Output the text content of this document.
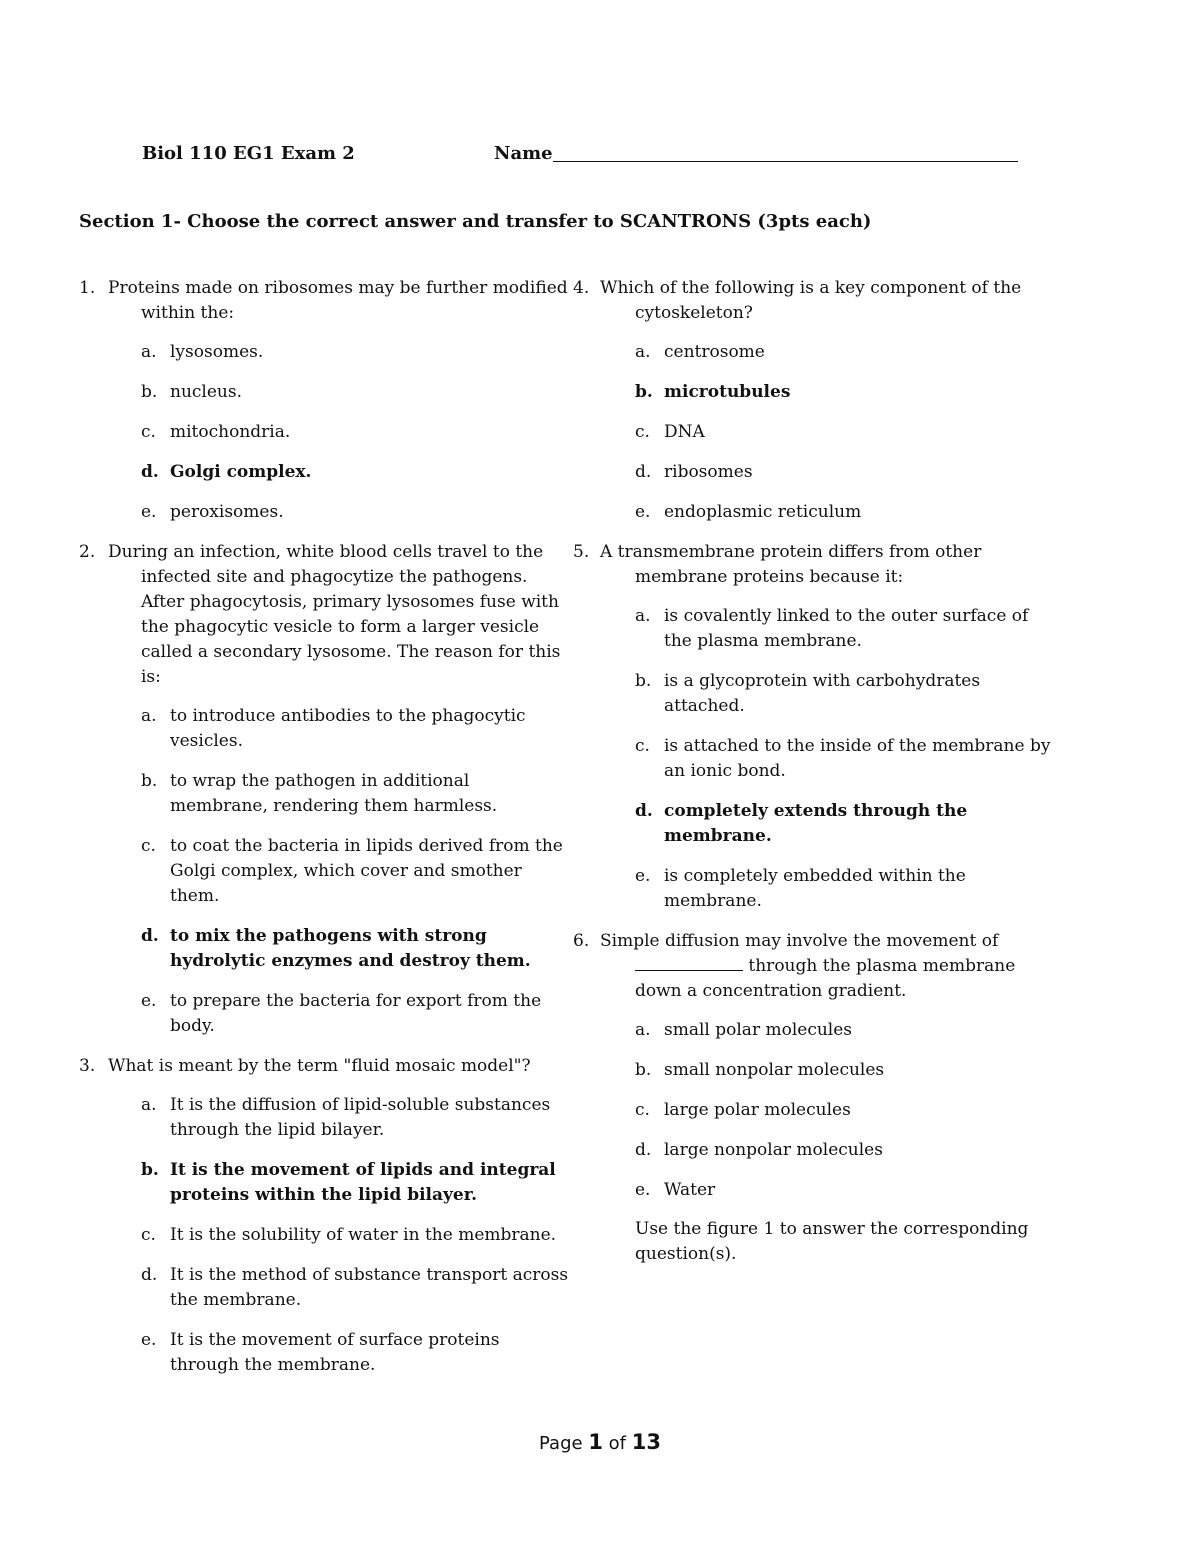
Biol 110 EG1 Exam 2	Name
Section 1- Choose the correct answer and transfer to SCANTRONS (3pts each)
1. Proteins made on ribosomes may be further modified within the:
a. lysosomes.
b. nucleus.
c. mitochondria.
d. Golgi complex.
e. peroxisomes.
2. During an infection, white blood cells travel to the infected site and phagocytize the pathogens. After phagocytosis, primary lysosomes fuse with the phagocytic vesicle to form a larger vesicle called a secondary lysosome. The reason for this is:
a. to introduce antibodies to the phagocytic vesicles.
b. to wrap the pathogen in additional membrane, rendering them harmless.
c. to coat the bacteria in lipids derived from the Golgi complex, which cover and smother them.
d. to mix the pathogens with strong hydrolytic enzymes and destroy them.
e. to prepare the bacteria for export from the body.
3. What is meant by the term "fluid mosaic model"?
a. It is the diffusion of lipid-soluble substances through the lipid bilayer.
b. It is the movement of lipids and integral proteins within the lipid bilayer.
c. It is the solubility of water in the membrane.
d. It is the method of substance transport across the membrane.
e. It is the movement of surface proteins through the membrane.
4. Which of the following is a key component of the cytoskeleton?
a. centrosome
b. microtubules
c. DNA
d. ribosomes
e. endoplasmic reticulum
5. A transmembrane protein differs from other membrane proteins because it:
a. is covalently linked to the outer surface of the plasma membrane.
b. is a glycoprotein with carbohydrates attached.
c. is attached to the inside of the membrane by an ionic bond.
d. completely extends through the membrane.
e. is completely embedded within the membrane.
6. Simple diffusion may involve the movement of  through the plasma membrane down a concentration gradient.
a. small polar molecules
b. small nonpolar molecules
c. large polar molecules
d. large nonpolar molecules
e. Water
Use the figure 1 to answer the corresponding question(s).
Page 1 of 13
